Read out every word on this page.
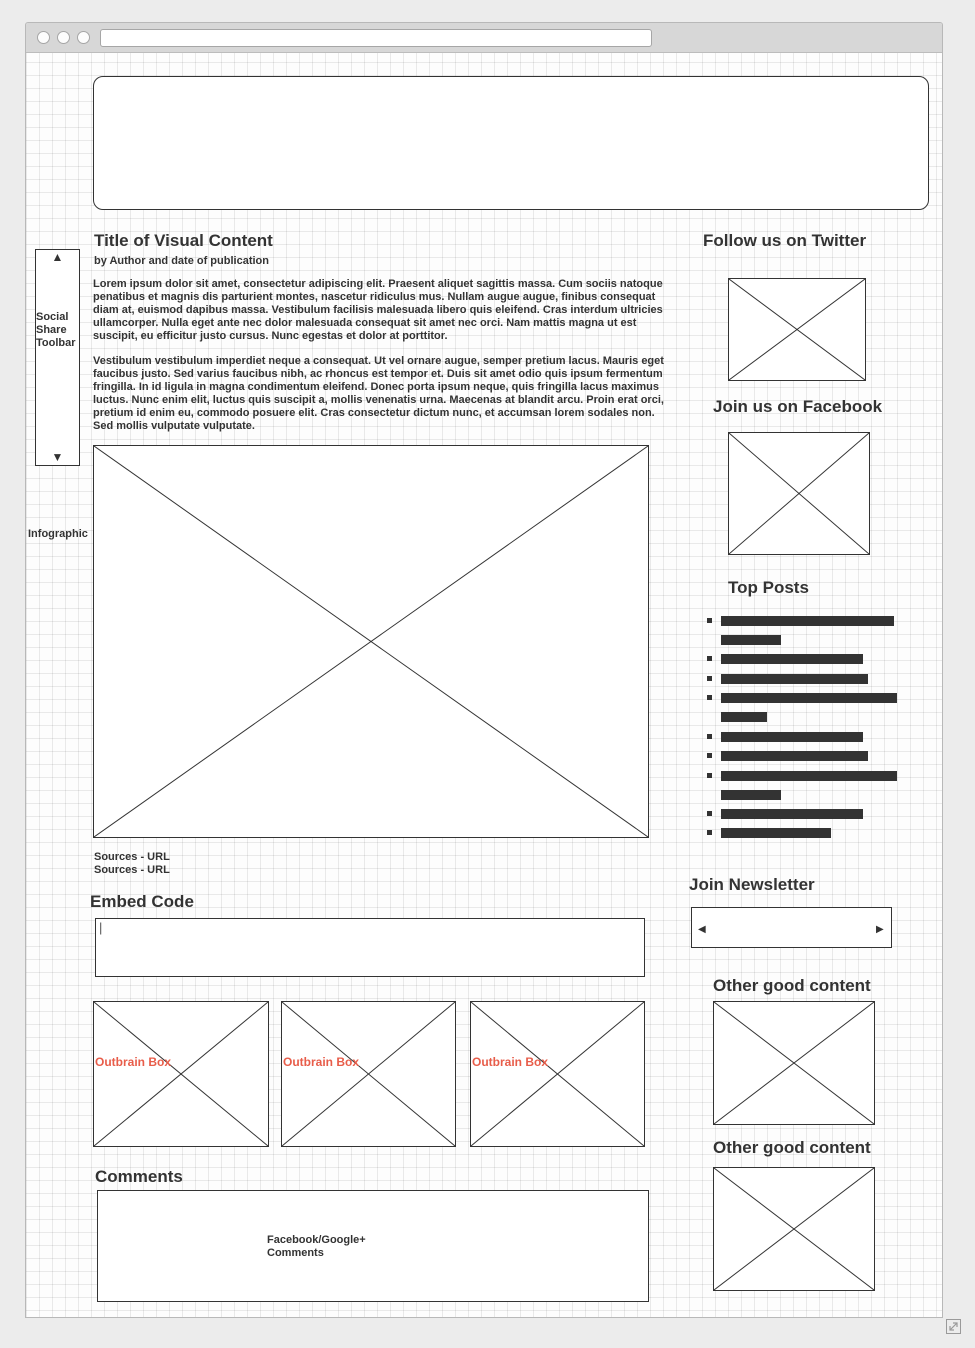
▲
Social Share Toolbar
▼
Infographic
Title of Visual Content
by Author and date of publication
Lorem ipsum dolor sit amet, consectetur adipiscing elit. Praesent aliquet sagittis massa. Cum sociis natoque penatibus et magnis dis parturient montes, nascetur ridiculus mus. Nullam augue augue, finibus consequat diam at, euismod dapibus massa. Vestibulum facilisis malesuada libero quis eleifend. Cras interdum ultricies ullamcorper. Nulla eget ante nec dolor malesuada consequat sit amet nec orci. Nam mattis magna ut est suscipit, eu efficitur justo cursus. Nunc egestas et dolor at porttitor.
Vestibulum vestibulum imperdiet neque a consequat. Ut vel ornare augue, semper pretium lacus. Mauris eget faucibus justo. Sed varius faucibus nibh, ac rhoncus est tempor et. Duis sit amet odio quis ipsum fermentum fringilla. In id ligula in magna condimentum eleifend. Donec porta ipsum neque, quis fringilla lacus maximus luctus. Nunc enim elit, luctus quis suscipit a, mollis venenatis urna. Maecenas at blandit arcu. Proin erat orci, pretium id enim eu, commodo posuere elit. Cras consectetur dictum nunc, et accumsan lorem sodales non. Sed mollis vulputate vulputate.
Sources - URL
Sources - URL
Embed Code
|
Outbrain Box	Outbrain Box	Outbrain Box
Comments
Facebook/Google+
Comments
Follow us on Twitter
Join us on Facebook
Top Posts
Join Newsletter
◀	▶
Other good content
Other good content
